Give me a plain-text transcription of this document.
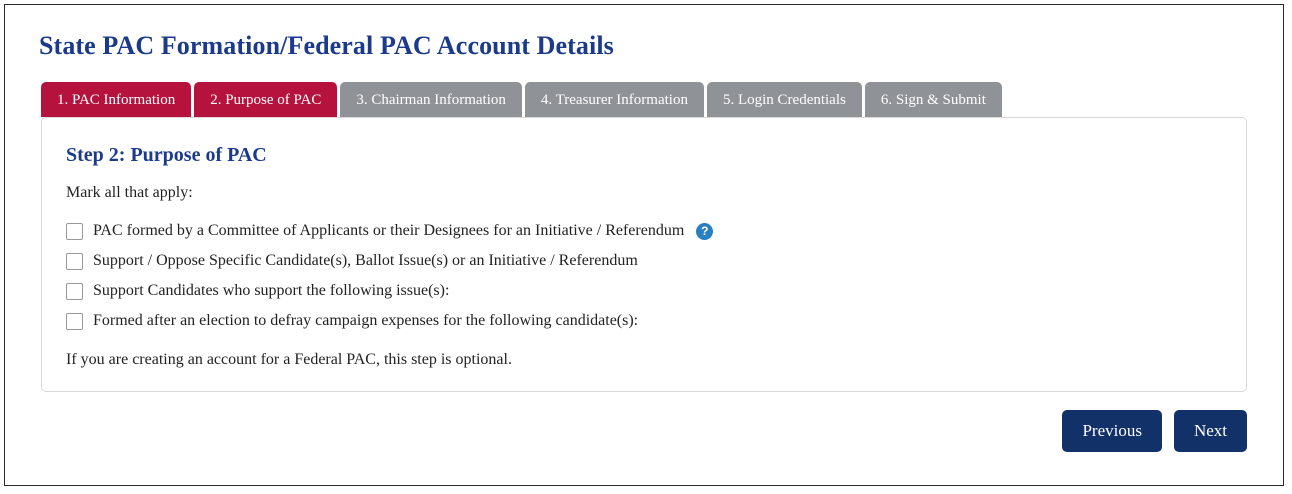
State PAC Formation/Federal PAC Account Details
1. PAC Information	2. Purpose of PAC	3. Chairman Information	4. Treasurer Information	5. Login Credentials	6. Sign & Submit
Step 2: Purpose of PAC
Mark all that apply:
PAC formed by a Committee of Applicants or their Designees for an Initiative / Referendum	?
Support / Oppose Specific Candidate(s), Ballot Issue(s) or an Initiative / Referendum
Support Candidates who support the following issue(s):
Formed after an election to defray campaign expenses for the following candidate(s):
If you are creating an account for a Federal PAC, this step is optional.
Previous	Next
